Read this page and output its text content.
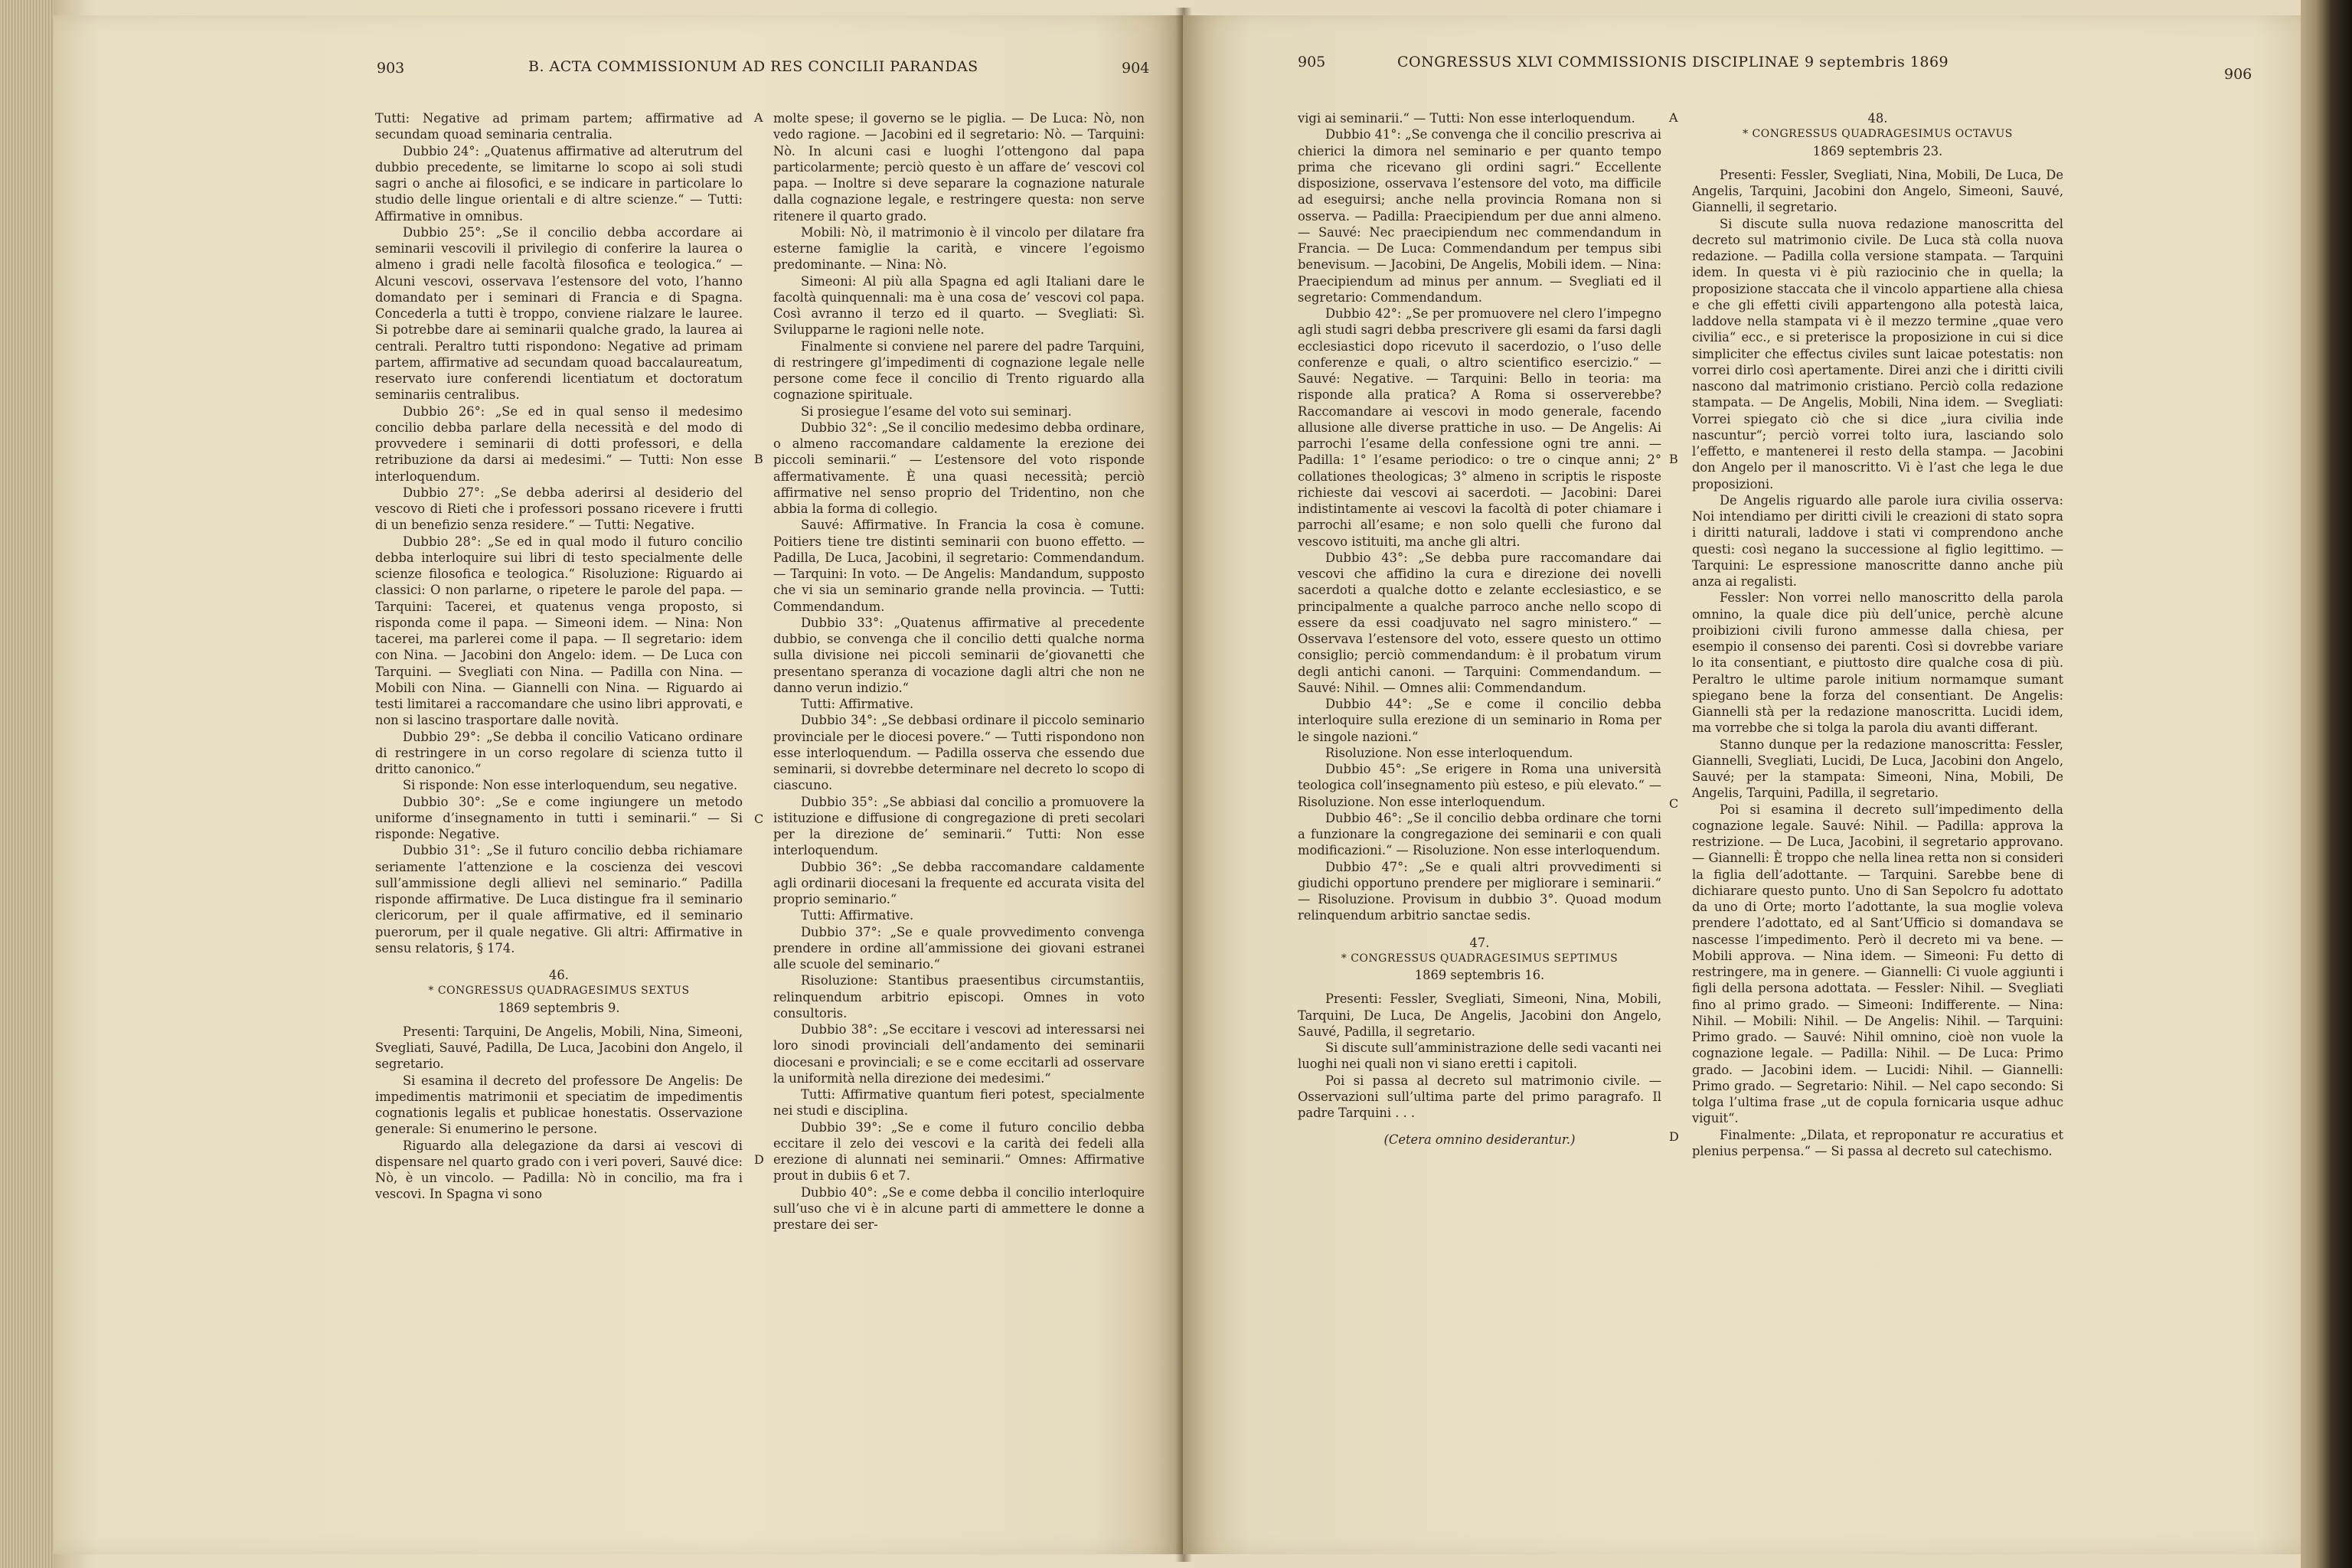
903	B. ACTA COMMISSIONUM AD RES CONCILII PARANDAS	904

Tutti: Negative ad primam partem; affirmative ad secundam quoad seminaria centralia.

Dubbio 24°: „Quatenus affirmative ad alterutrum del dubbio precedente, se limitarne lo scopo ai soli studi sagri o anche ai filosofici, e se indicare in particolare lo studio delle lingue orientali e di altre scienze.“ — Tutti: Affirmative in omnibus.

Dubbio 25°: „Se il concilio debba accordare ai seminarii vescovili il privilegio di conferire la laurea o almeno i gradi nelle facoltà filosofica e teologica.“ — Alcuni vescovi, osservava l’estensore del voto, l’hanno domandato per i seminari di Francia e di Spagna. Concederla a tutti è troppo, conviene rialzare le lauree. Si potrebbe dare ai seminarii qualche grado, la laurea ai centrali. Peraltro tutti rispondono: Negative ad primam partem, affirmative ad secundam quoad baccalaureatum, reservato iure conferendi licentiatum et doctoratum seminariis centralibus.

Dubbio 26°: „Se ed in qual senso il medesimo concilio debba parlare della necessità e del modo di provvedere i seminarii di dotti professori, e della retribuzione da darsi ai medesimi.“ — Tutti: Non esse interloquendum.

Dubbio 27°: „Se debba aderirsi al desiderio del vescovo di Rieti che i professori possano ricevere i frutti di un benefizio senza residere.“ — Tutti: Negative.

Dubbio 28°: „Se ed in qual modo il futuro concilio debba interloquire sui libri di testo specialmente delle scienze filosofica e teologica.“ Risoluzione: Riguardo ai classici: O non parlarne, o ripetere le parole del papa. — Tarquini: Tacerei, et quatenus venga proposto, si risponda come il papa. — Simeoni idem. — Nina: Non tacerei, ma parlerei come il papa. — Il segretario: idem con Nina. — Jacobini don Angelo: idem. — De Luca con Tarquini. — Svegliati con Nina. — Padilla con Nina. — Mobili con Nina. — Giannelli con Nina. — Riguardo ai testi limitarei a raccomandare che usino libri approvati, e non si lascino trasportare dalle novità.

Dubbio 29°: „Se debba il concilio Vaticano ordinare di restringere in un corso regolare di scienza tutto il dritto canonico.“

Si risponde: Non esse interloquendum, seu negative.

Dubbio 30°: „Se e come ingiungere un metodo uniforme d’insegnamento in tutti i seminarii.“ — Si risponde: Negative.

Dubbio 31°: „Se il futuro concilio debba richiamare seriamente l’attenzione e la coscienza dei vescovi sull’ammissione degli allievi nel seminario.“ Padilla risponde affirmative. De Luca distingue fra il seminario clericorum, per il quale affirmative, ed il seminario puerorum, per il quale negative. Gli altri: Affirmative in sensu relatoris, § 174.

46.

* CONGRESSUS QUADRAGESIMUS SEXTUS

1869 septembris 9.

Presenti: Tarquini, De Angelis, Mobili, Nina, Simeoni, Svegliati, Sauvé, Padilla, De Luca, Jacobini don Angelo, il segretario.

Si esamina il decreto del professore De Angelis: De impedimentis matrimonii et speciatim de impedimentis cognationis legalis et publicae honestatis. Osservazione generale: Si enumerino le persone.

Riguardo alla delegazione da darsi ai vescovi di dispensare nel quarto grado con i veri poveri, Sauvé dice: Nò, è un vincolo. — Padilla: Nò in concilio, ma fra i vescovi. In Spagna vi sono

molte spese; il governo se le piglia. — De Luca: Nò, non vedo ragione. — Jacobini ed il segretario: Nò. — Tarquini: Nò. In alcuni casi e luoghi l’ottengono dal papa particolarmente; perciò questo è un affare de’ vescovi col papa. — Inoltre si deve separare la cognazione naturale dalla cognazione legale, e restringere questa: non serve ritenere il quarto grado.

Mobili: Nò, il matrimonio è il vincolo per dilatare fra esterne famiglie la carità, e vincere l’egoismo predominante. — Nina: Nò.

Simeoni: Al più alla Spagna ed agli Italiani dare le facoltà quinquennali: ma è una cosa de’ vescovi col papa. Così avranno il terzo ed il quarto. — Svegliati: Sì. Svilupparne le ragioni nelle note.

Finalmente si conviene nel parere del padre Tarquini, di restringere gl’impedimenti di cognazione legale nelle persone come fece il concilio di Trento riguardo alla cognazione spirituale.

Si prosiegue l’esame del voto sui seminarj.

Dubbio 32°: „Se il concilio medesimo debba ordinare, o almeno raccomandare caldamente la erezione dei piccoli seminarii.“ — L’estensore del voto risponde affermativamente. È una quasi necessità; perciò affirmative nel senso proprio del Tridentino, non che abbia la forma di collegio.

Sauvé: Affirmative. In Francia la cosa è comune. Poitiers tiene tre distinti seminarii con buono effetto. — Padilla, De Luca, Jacobini, il segretario: Commendandum. — Tarquini: In voto. — De Angelis: Mandandum, supposto che vi sia un seminario grande nella provincia. — Tutti: Commendandum.

Dubbio 33°: „Quatenus affirmative al precedente dubbio, se convenga che il concilio detti qualche norma sulla divisione nei piccoli seminarii de’giovanetti che presentano speranza di vocazione dagli altri che non ne danno verun indizio.“

Tutti: Affirmative.

Dubbio 34°: „Se debbasi ordinare il piccolo seminario provinciale per le diocesi povere.“ — Tutti rispondono non esse interloquendum. — Padilla osserva che essendo due seminarii, si dovrebbe determinare nel decreto lo scopo di ciascuno.

Dubbio 35°: „Se abbiasi dal concilio a promuovere la istituzione e diffusione di congregazione di preti secolari per la direzione de’ seminarii.“ Tutti: Non esse interloquendum.

Dubbio 36°: „Se debba raccomandare caldamente agli ordinarii diocesani la frequente ed accurata visita del proprio seminario.“

Tutti: Affirmative.

Dubbio 37°: „Se e quale provvedimento convenga prendere in ordine all’ammissione dei giovani estranei alle scuole del seminario.“

Risoluzione: Stantibus praesentibus circumstantiis, relinquendum arbitrio episcopi. Omnes in voto consultoris.

Dubbio 38°: „Se eccitare i vescovi ad interessarsi nei loro sinodi provinciali dell’andamento dei seminarii diocesani e provinciali; e se e come eccitarli ad osservare la uniformità nella direzione dei medesimi.“

Tutti: Affirmative quantum fieri potest, specialmente nei studi e disciplina.

Dubbio 39°: „Se e come il futuro concilio debba eccitare il zelo dei vescovi e la carità dei fedeli alla erezione di alunnati nei seminarii.“ Omnes: Affirmative prout in dubiis 6 et 7.

Dubbio 40°: „Se e come debba il concilio interloquire sull’uso che vi è in alcune parti di ammettere le donne a prestare dei ser-

A
B
C
D
905	CONGRESSUS XLVI COMMISSIONIS DISCIPLINAE 9 septembris 1869
906

vigi ai seminarii.“ — Tutti: Non esse interloquendum.

Dubbio 41°: „Se convenga che il concilio prescriva ai chierici la dimora nel seminario e per quanto tempo prima che ricevano gli ordini sagri.“ Eccellente disposizione, osservava l’estensore del voto, ma difficile ad eseguirsi; anche nella provincia Romana non si osserva. — Padilla: Praecipiendum per due anni almeno. — Sauvé: Nec praecipiendum nec commendandum in Francia. — De Luca: Commendandum per tempus sibi benevisum. — Jacobini, De Angelis, Mobili idem. — Nina: Praecipiendum ad minus per annum. — Svegliati ed il segretario: Commendandum.

Dubbio 42°: „Se per promuovere nel clero l’impegno agli studi sagri debba prescrivere gli esami da farsi dagli ecclesiastici dopo ricevuto il sacerdozio, o l’uso delle conferenze e quali, o altro scientifico esercizio.“ — Sauvé: Negative. — Tarquini: Bello in teoria: ma risponde alla pratica? A Roma si osserverebbe? Raccomandare ai vescovi in modo generale, facendo allusione alle diverse prattiche in uso. — De Angelis: Ai parrochi l’esame della confessione ogni tre anni. — Padilla: 1° l’esame periodico: o tre o cinque anni; 2° collationes theologicas; 3° almeno in scriptis le risposte richieste dai vescovi ai sacerdoti. — Jacobini: Darei indistintamente ai vescovi la facoltà di poter chiamare i parrochi all’esame; e non solo quelli che furono dal vescovo istituiti, ma anche gli altri.

Dubbio 43°: „Se debba pure raccomandare dai vescovi che affidino la cura e direzione dei novelli sacerdoti a qualche dotto e zelante ecclesiastico, e se principalmente a qualche parroco anche nello scopo di essere da essi coadjuvato nel sagro ministero.“ — Osservava l’estensore del voto, essere questo un ottimo consiglio; perciò commendandum: è il probatum virum degli antichi canoni. — Tarquini: Commendandum. — Sauvé: Nihil. — Omnes alii: Commendandum.

Dubbio 44°: „Se e come il concilio debba interloquire sulla erezione di un seminario in Roma per le singole nazioni.“

Risoluzione. Non esse interloquendum.

Dubbio 45°: „Se erigere in Roma una università teologica coll’insegnamento più esteso, e più elevato.“ — Risoluzione. Non esse interloquendum.

Dubbio 46°: „Se il concilio debba ordinare che torni a funzionare la congregazione dei seminarii e con quali modificazioni.“ — Risoluzione. Non esse interloquendum.

Dubbio 47°: „Se e quali altri provvedimenti si giudichi opportuno prendere per migliorare i seminarii.“ — Risoluzione. Provisum in dubbio 3°. Quoad modum relinquendum arbitrio sanctae sedis.

47.

* CONGRESSUS QUADRAGESIMUS SEPTIMUS

1869 septembris 16.

Presenti: Fessler, Svegliati, Simeoni, Nina, Mobili, Tarquini, De Luca, De Angelis, Jacobini don Angelo, Sauvé, Padilla, il segretario.

Si discute sull’amministrazione delle sedi vacanti nei luoghi nei quali non vi siano eretti i capitoli.

Poi si passa al decreto sul matrimonio civile. — Osservazioni sull’ultima parte del primo paragrafo. Il padre Tarquini . . .

(Cetera omnino desiderantur.)

48.

* CONGRESSUS QUADRAGESIMUS OCTAVUS

1869 septembris 23.

Presenti: Fessler, Svegliati, Nina, Mobili, De Luca, De Angelis, Tarquini, Jacobini don Angelo, Simeoni, Sauvé, Giannelli, il segretario.

Si discute sulla nuova redazione manoscritta del decreto sul matrimonio civile. De Luca stà colla nuova redazione. — Padilla colla versione stampata. — Tarquini idem. In questa vi è più raziocinio che in quella; la proposizione staccata che il vincolo appartiene alla chiesa e che gli effetti civili appartengono alla potestà laica, laddove nella stampata vi è il mezzo termine „quae vero civilia“ ecc., e si preterisce la proposizione in cui si dice simpliciter che effectus civiles sunt laicae potestatis: non vorrei dirlo così apertamente. Direi anzi che i diritti civili nascono dal matrimonio cristiano. Perciò colla redazione stampata. — De Angelis, Mobili, Nina idem. — Svegliati: Vorrei spiegato ciò che si dice „iura civilia inde nascuntur“; perciò vorrei tolto iura, lasciando solo l’effetto, e mantenerei il resto della stampa. — Jacobini don Angelo per il manoscritto. Vi è l’ast che lega le due proposizioni.

De Angelis riguardo alle parole iura civilia osserva: Noi intendiamo per diritti civili le creazioni di stato sopra i diritti naturali, laddove i stati vi comprendono anche questi: così negano la successione al figlio legittimo. — Tarquini: Le espressione manoscritte danno anche più anza ai regalisti.

Fessler: Non vorrei nello manoscritto della parola omnino, la quale dice più dell’unice, perchè alcune proibizioni civili furono ammesse dalla chiesa, per esempio il consenso dei parenti. Così si dovrebbe variare lo ita consentiant, e piuttosto dire qualche cosa di più. Peraltro le ultime parole initium normamque sumant spiegano bene la forza del consentiant. De Angelis: Giannelli stà per la redazione manoscritta. Lucidi idem, ma vorrebbe che si tolga la parola diu avanti differant.

Stanno dunque per la redazione manoscritta: Fessler, Giannelli, Svegliati, Lucidi, De Luca, Jacobini don Angelo, Sauvé; per la stampata: Simeoni, Nina, Mobili, De Angelis, Tarquini, Padilla, il segretario.

Poi si esamina il decreto sull’impedimento della cognazione legale. Sauvé: Nihil. — Padilla: approva la restrizione. — De Luca, Jacobini, il segretario approvano. — Giannelli: È troppo che nella linea retta non si consideri la figlia dell’adottante. — Tarquini. Sarebbe bene di dichiarare questo punto. Uno di San Sepolcro fu adottato da uno di Orte; morto l’adottante, la sua moglie voleva prendere l’adottato, ed al Sant’Ufficio si domandava se nascesse l’impedimento. Però il decreto mi va bene. — Mobili approva. — Nina idem. — Simeoni: Fu detto di restringere, ma in genere. — Giannelli: Ci vuole aggiunti i figli della persona adottata. — Fessler: Nihil. — Svegliati fino al primo grado. — Simeoni: Indifferente. — Nina: Nihil. — Mobili: Nihil. — De Angelis: Nihil. — Tarquini: Primo grado. — Sauvé: Nihil omnino, cioè non vuole la cognazione legale. — Padilla: Nihil. — De Luca: Primo grado. — Jacobini idem. — Lucidi: Nihil. — Giannelli: Primo grado. — Segretario: Nihil. — Nel capo secondo: Si tolga l’ultima frase „ut de copula fornicaria usque adhuc viguit“.

Finalmente: „Dilata, et reproponatur re accuratius et plenius perpensa.“ — Si passa al decreto sul catechismo.

A
B
C
D
